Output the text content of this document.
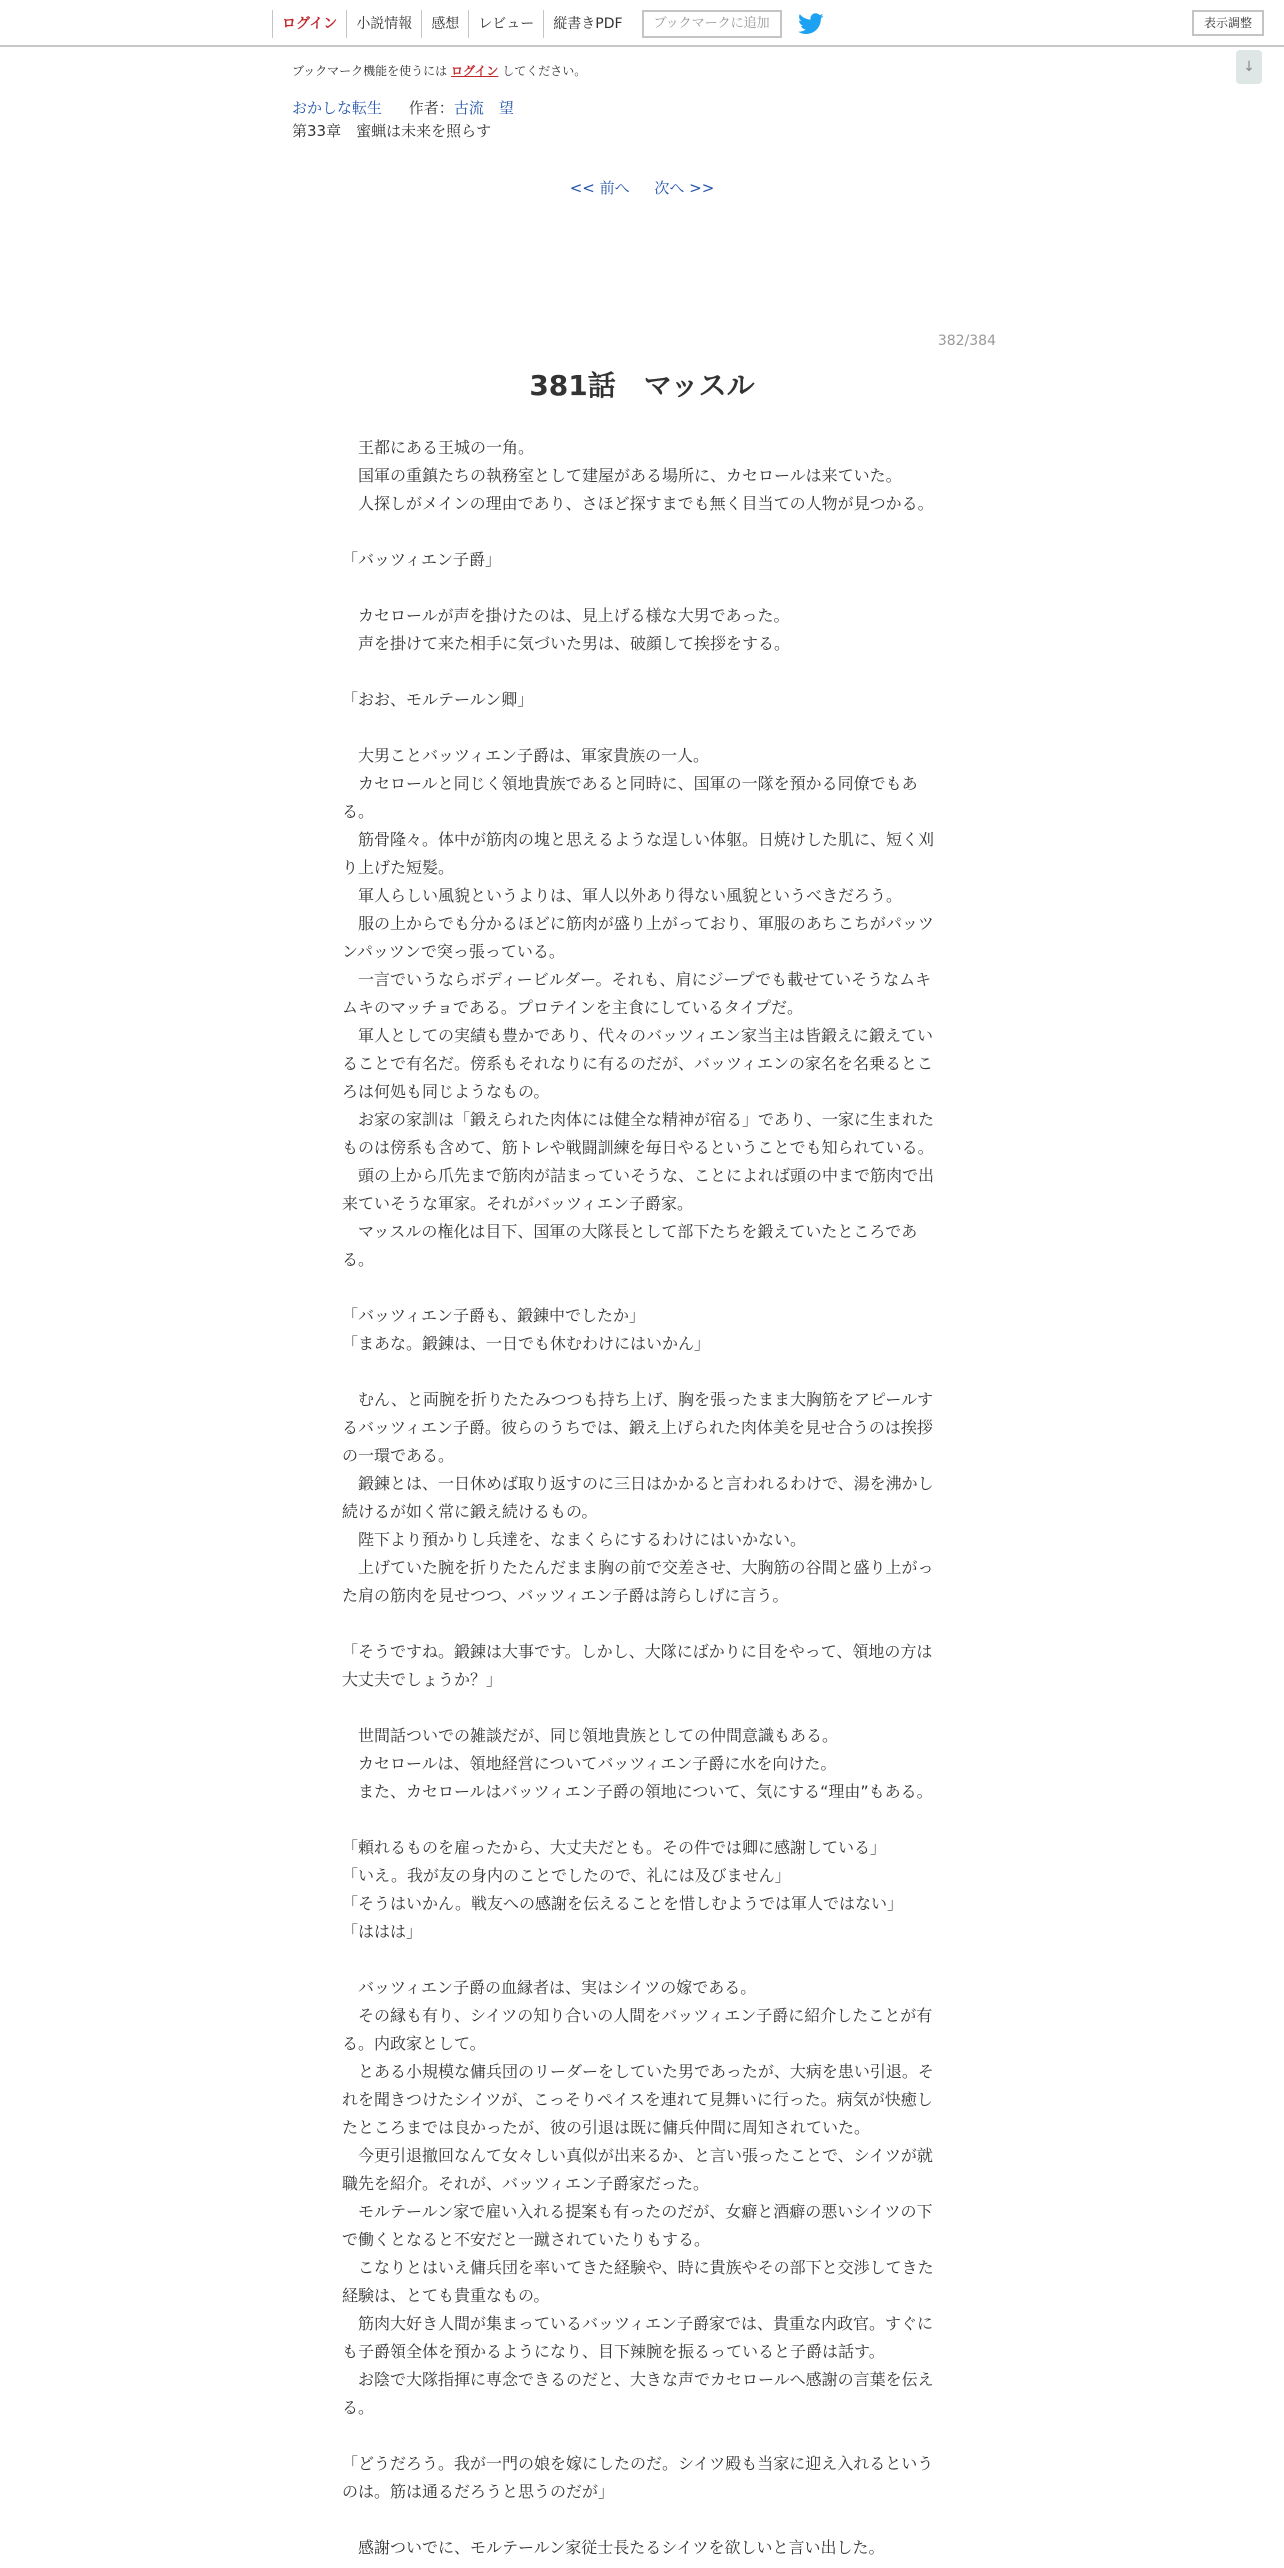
ログイン	小説情報	感想	レビュー	縦書きPDF	ブックマークに追加	表示調整
ブックマーク機能を使うには ログイン してください。	↓
おかしな転生 作者：古流　望
第33章　蜜蝋は未来を照らす
<< 前へ 次へ >>
382/384
381話　マッスル

　王都にある王城の一角。

　国軍の重鎮たちの執務室として建屋がある場所に、カセロールは来ていた。

　人探しがメインの理由であり、さほど探すまでも無く目当ての人物が見つかる。

「バッツィエン子爵」

　カセロールが声を掛けたのは、見上げる様な大男であった。

　声を掛けて来た相手に気づいた男は、破顔して挨拶をする。

「おお、モルテールン卿」

　大男ことバッツィエン子爵は、軍家貴族の一人。

　カセロールと同じく領地貴族であると同時に、国軍の一隊を預かる同僚でもある。

　筋骨隆々。体中が筋肉の塊と思えるような逞しい体躯。日焼けした肌に、短く刈り上げた短髪。

　軍人らしい風貌というよりは、軍人以外あり得ない風貌というべきだろう。

　服の上からでも分かるほどに筋肉が盛り上がっており、軍服のあちこちがパッツンパッツンで突っ張っている。

　一言でいうならボディービルダー。それも、肩にジープでも載せていそうなムキムキのマッチョである。プロテインを主食にしているタイプだ。

　軍人としての実績も豊かであり、代々のバッツィエン家当主は皆鍛えに鍛えていることで有名だ。傍系もそれなりに有るのだが、バッツィエンの家名を名乗るところは何処も同じようなもの。

　お家の家訓は「鍛えられた肉体には健全な精神が宿る」であり、一家に生まれたものは傍系も含めて、筋トレや戦闘訓練を毎日やるということでも知られている。

　頭の上から爪先まで筋肉が詰まっていそうな、ことによれば頭の中まで筋肉で出来ていそうな軍家。それがバッツィエン子爵家。

　マッスルの権化は目下、国軍の大隊長として部下たちを鍛えていたところである。

「バッツィエン子爵も、鍛錬中でしたか」

「まあな。鍛錬は、一日でも休むわけにはいかん」

　むん、と両腕を折りたたみつつも持ち上げ、胸を張ったまま大胸筋をアピールするバッツィエン子爵。彼らのうちでは、鍛え上げられた肉体美を見せ合うのは挨拶の一環である。

　鍛錬とは、一日休めば取り返すのに三日はかかると言われるわけで、湯を沸かし続けるが如く常に鍛え続けるもの。

　陛下より預かりし兵達を、なまくらにするわけにはいかない。

　上げていた腕を折りたたんだまま胸の前で交差させ、大胸筋の谷間と盛り上がった肩の筋肉を見せつつ、バッツィエン子爵は誇らしげに言う。

「そうですね。鍛錬は大事です。しかし、大隊にばかりに目をやって、領地の方は大丈夫でしょうか？」

　世間話ついでの雑談だが、同じ領地貴族としての仲間意識もある。

　カセロールは、領地経営についてバッツィエン子爵に水を向けた。

　また、カセロールはバッツィエン子爵の領地について、気にする“理由”もある。

「頼れるものを雇ったから、大丈夫だとも。その件では卿に感謝している」

「いえ。我が友の身内のことでしたので、礼には及びません」

「そうはいかん。戦友への感謝を伝えることを惜しむようでは軍人ではない」

「ははは」

　バッツィエン子爵の血縁者は、実はシイツの嫁である。

　その縁も有り、シイツの知り合いの人間をバッツィエン子爵に紹介したことが有る。内政家として。

　とある小規模な傭兵団のリーダーをしていた男であったが、大病を患い引退。それを聞きつけたシイツが、こっそりペイスを連れて見舞いに行った。病気が快癒したところまでは良かったが、彼の引退は既に傭兵仲間に周知されていた。

　今更引退撤回なんて女々しい真似が出来るか、と言い張ったことで、シイツが就職先を紹介。それが、バッツィエン子爵家だった。

　モルテールン家で雇い入れる提案も有ったのだが、女癖と酒癖の悪いシイツの下で働くとなると不安だと一蹴されていたりもする。

　こなりとはいえ傭兵団を率いてきた経験や、時に貴族やその部下と交渉してきた経験は、とても貴重なもの。

　筋肉大好き人間が集まっているバッツィエン子爵家では、貴重な内政官。すぐにも子爵領全体を預かるようになり、目下辣腕を振るっていると子爵は話す。

　お陰で大隊指揮に専念できるのだと、大きな声でカセロールへ感謝の言葉を伝える。

「どうだろう。我が一門の娘を嫁にしたのだ。シイツ殿も当家に迎え入れるというのは。筋は通るだろうと思うのだが」

　感謝ついでに、モルテールン家従士長たるシイツを欲しいと言い出した。
